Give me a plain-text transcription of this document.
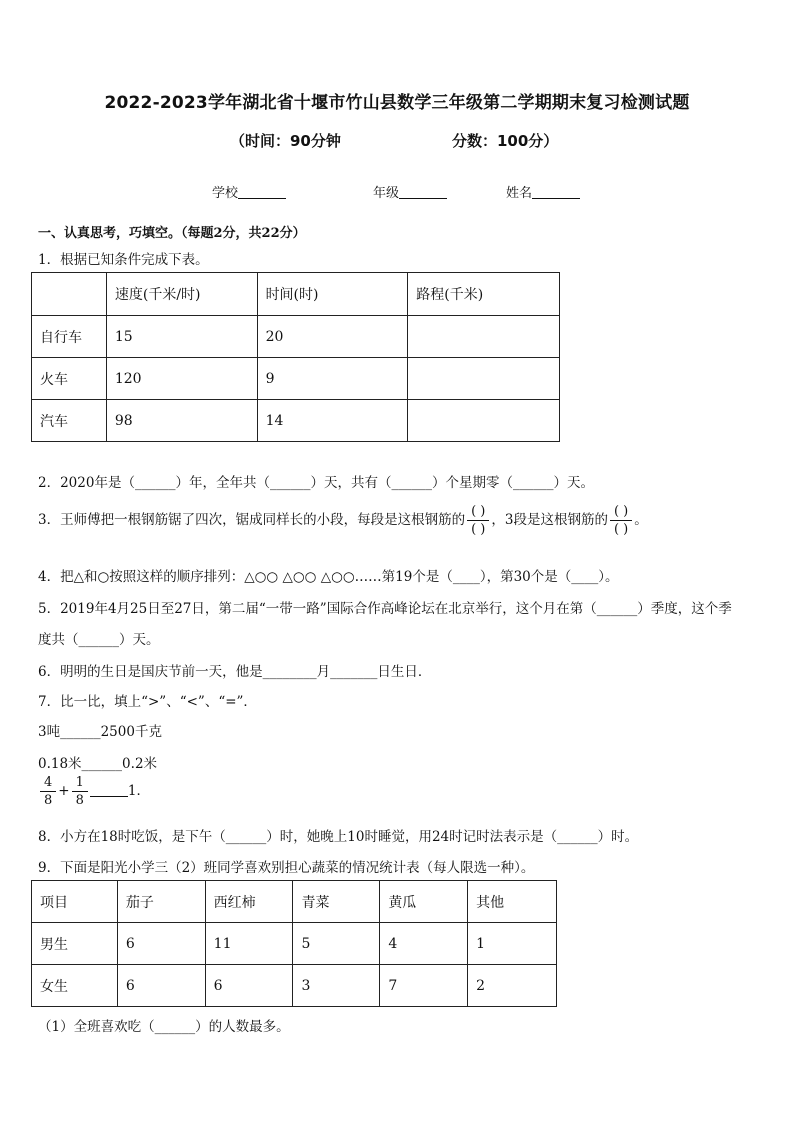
2022-2023学年湖北省十堰市竹山县数学三年级第二学期期末复习检测试题
（时间：90分钟	分数：100分）
学校	年级	姓名
一、认真思考，巧填空。（每题2分，共22分）
1．根据已知条件完成下表。
	速度(千米/时)	时间(时)	路程(千米)
自行车	15	20	
火车	120	9	
汽车	98	14	
2．2020年是（______）年，全年共（______）天，共有（______）个星期零（______）天。
3．王师傅把一根钢筋锯了四次，锯成同样长的小段，每段是这根钢筋的 $\frac{( )}{( )}$ ，3段是这根钢筋的 $\frac{( )}{( )}$ 。
4．把△和○按照这样的顺序排列：△○○ △○○ △○○……第19个是（____），第30个是（____）。
5．2019年4月25日至27日，第二届“一带一路”国际合作高峰论坛在北京举行，这个月在第（______）季度，这个季
度共（______）天。
6．明明的生日是国庆节前一天，他是________月_______日生日．
7．比一比，填上“>”、“<”、“=”．
3吨______2500千克
0.18米______0.2米
$\frac{4}{8} + \frac{1}{8}$	1．
8．小方在18时吃饭，是下午（______）时，她晚上10时睡觉，用24时记时法表示是（______）时。
9．下面是阳光小学三（2）班同学喜欢别担心蔬菜的情况统计表（每人限选一种）。
项目	茄子	西红柿	青菜	黄瓜	其他
男生	6	11	5	4	1
女生	6	6	3	7	2
（1）全班喜欢吃（______）的人数最多。
